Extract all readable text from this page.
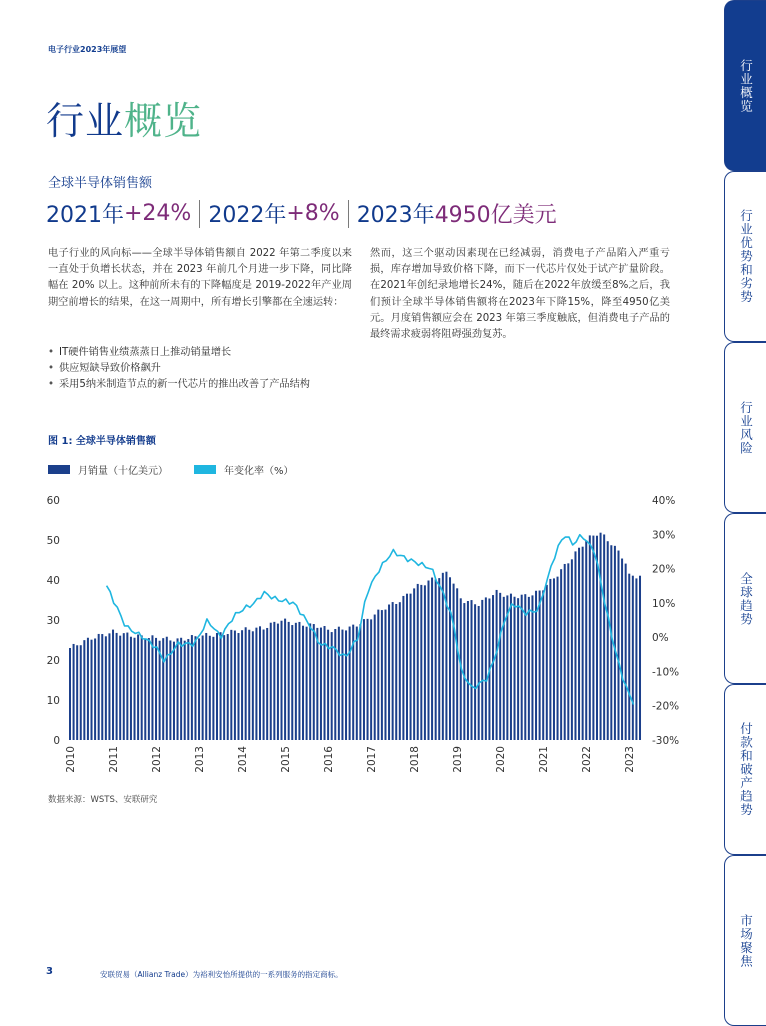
电子行业2023年展望
行业概览
全球半导体销售额
2021年 +24% 2022年 +8% 2023年 4950亿美元
电子行业的风向标——全球半导体销售额自 2022 年第二季度以来一直处于负增长状态，并在 2023 年前几个月进一步下降，同比降幅在 20% 以上。这种前所未有的下降幅度是 2019-2022年产业周期空前增长的结果，在这一周期中，所有增长引擎都在全速运转：
• IT硬件销售业绩蒸蒸日上推动销量增长
• 供应短缺导致价格飙升
• 采用5纳米制造节点的新一代芯片的推出改善了产品结构
然而，这三个驱动因素现在已经减弱，消费电子产品陷入严重亏损，库存增加导致价格下降，而下一代芯片仅处于试产扩量阶段。在2021年创纪录地增长24%，随后在2022年放缓至8%之后，我们预计全球半导体销售额将在2023年下降15%，降至4950亿美元。月度销售额应会在 2023 年第三季度触底，但消费电子产品的最终需求疲弱将阻碍强劲复苏。
图 1: 全球半导体销售额
月销量（十亿美元）	年变化率（%）
0
10
20
30
40
50
60
-30%
-20%
-10%
0%
10%
20%
30%
40%
2010	2011	2012	2013	2014	2015	2016	2017	2018	2019	2020	2021	2022	2023
数据来源：WSTS、安联研究
3	安联贸易（Allianz Trade）为裕利安怡所提供的一系列服务的指定商标。
行业概览
行业优势和劣势
行业风险
全球趋势
付款和破产趋势
市场聚焦
